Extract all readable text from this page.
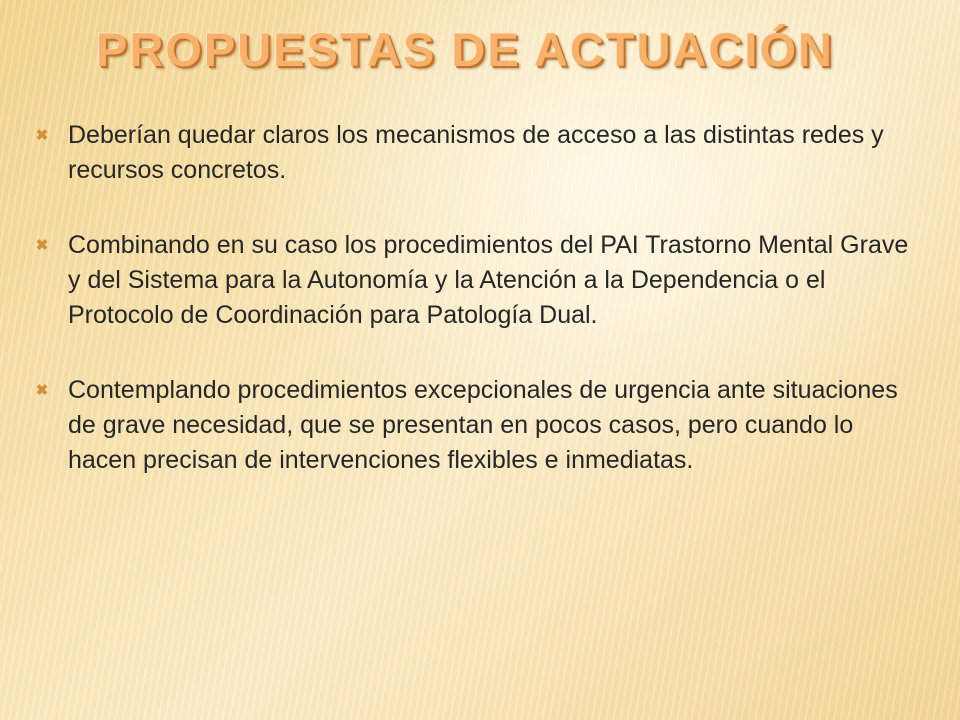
PROPUESTAS DE ACTUACIÓN
✖ Deberían quedar claros los mecanismos de acceso a las distintas redes y recursos concretos.
✖ Combinando en su caso los procedimientos del PAI Trastorno Mental Grave y del Sistema para la Autonomía y la Atención a la Dependencia o el Protocolo de Coordinación para Patología Dual.
✖ Contemplando procedimientos excepcionales de urgencia ante situaciones de grave necesidad, que se presentan en pocos casos, pero cuando lo hacen precisan de intervenciones flexibles e inmediatas.
